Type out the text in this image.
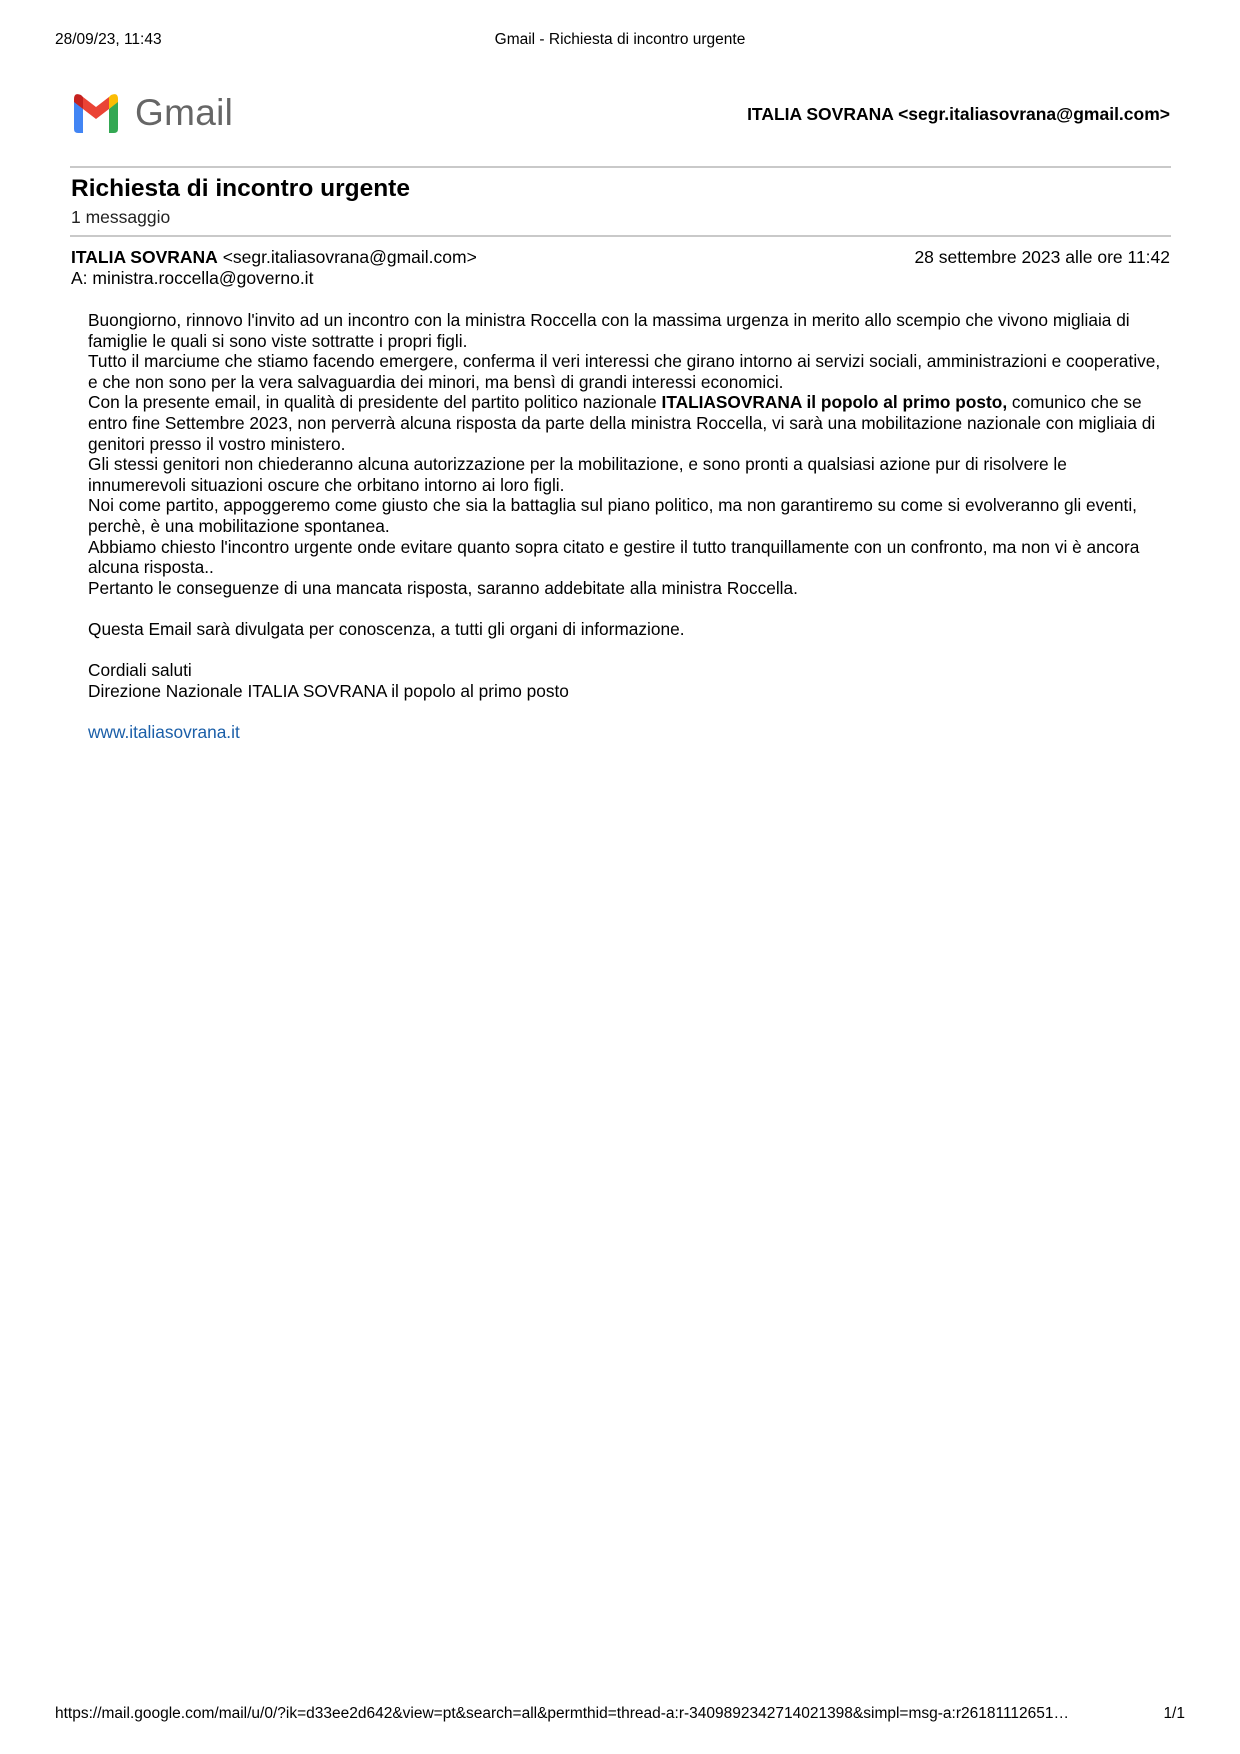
28/09/23, 11:43	Gmail - Richiesta di incontro urgente
Gmail	ITALIA SOVRANA <segr.italiasovrana@gmail.com>
Richiesta di incontro urgente
1 messaggio
ITALIA SOVRANA <segr.italiasovrana@gmail.com>	28 settembre 2023 alle ore 11:42
A: ministra.roccella@governo.it

Buongiorno, rinnovo l'invito ad un incontro con la ministra Roccella con la massima urgenza in merito allo scempio che vivono migliaia di famiglie le quali si sono viste sottratte i propri figli.

Tutto il marciume che stiamo facendo emergere, conferma il veri interessi che girano intorno ai servizi sociali, amministrazioni e cooperative, e che non sono per la vera salvaguardia dei minori, ma bensì di grandi interessi economici.

Con la presente email, in qualità di presidente del partito politico nazionale ITALIASOVRANA il popolo al primo posto, comunico che se entro fine Settembre 2023, non perverrà alcuna risposta da parte della ministra Roccella, vi sarà una mobilitazione nazionale con migliaia di genitori presso il vostro ministero.

Gli stessi genitori non chiederanno alcuna autorizzazione per la mobilitazione, e sono pronti a qualsiasi azione pur di risolvere le innumerevoli situazioni oscure che orbitano intorno ai loro figli.

Noi come partito, appoggeremo come giusto che sia la battaglia sul piano politico, ma non garantiremo su come si evolveranno gli eventi, perchè, è una mobilitazione spontanea.

Abbiamo chiesto l'incontro urgente onde evitare quanto sopra citato e gestire il tutto tranquillamente con un confronto, ma non vi è ancora alcuna risposta..

Pertanto le conseguenze di una mancata risposta, saranno addebitate alla ministra Roccella.

Questa Email sarà divulgata per conoscenza, a tutti gli organi di informazione.

Cordiali saluti

Direzione Nazionale ITALIA SOVRANA il popolo al primo posto

www.italiasovrana.it

https://mail.google.com/mail/u/0/?ik=d33ee2d642&view=pt&search=all&permthid=thread-a:r-3409892342714021398&simpl=msg-a:r26181112651…	1/1
